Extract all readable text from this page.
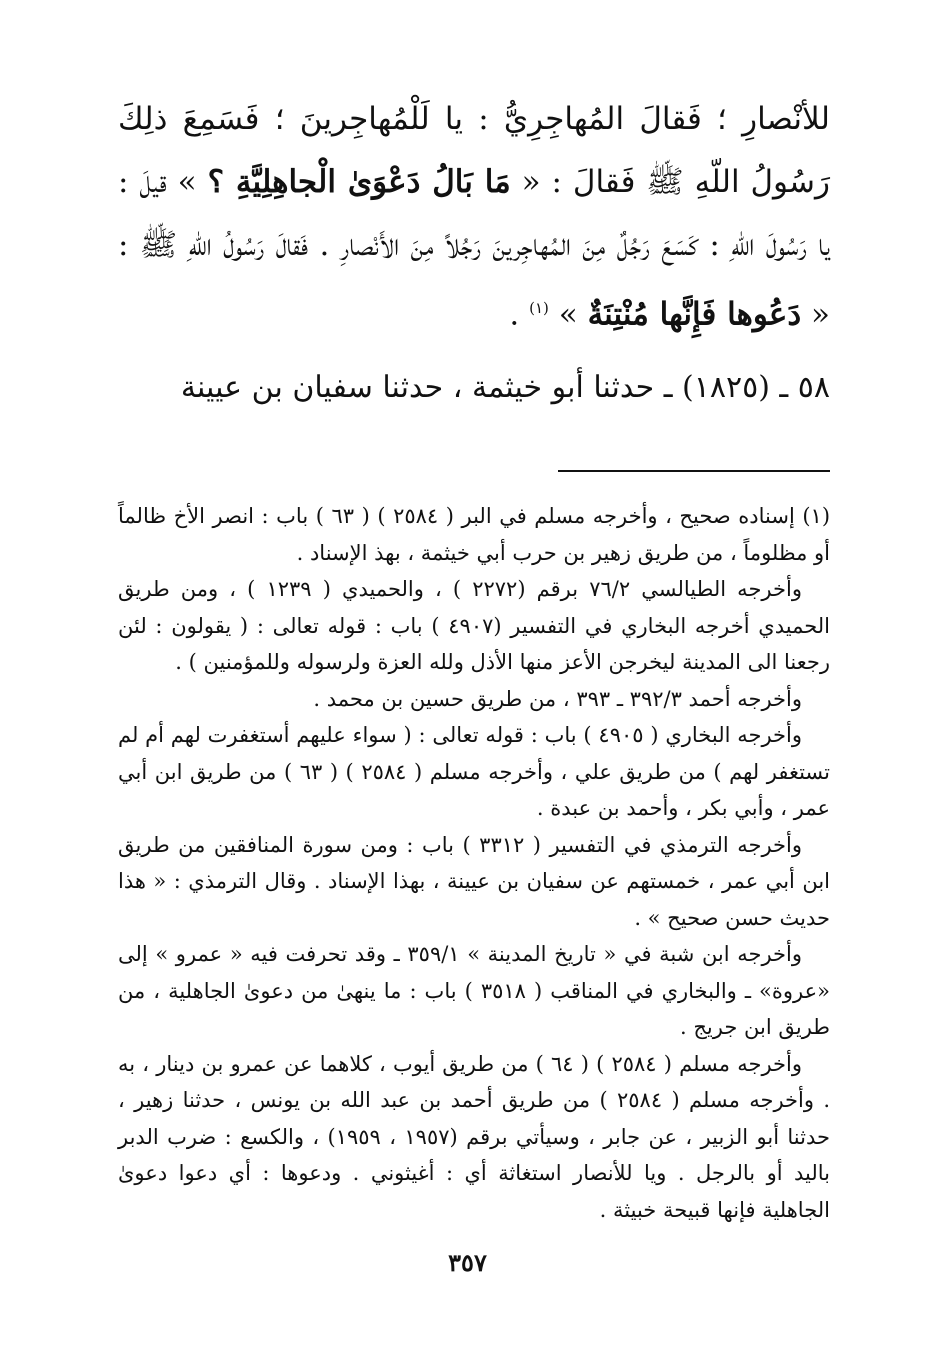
للأنْصارِ ؛ فَقالَ المُهاجِرِيُّ : يا لَلْمُهاجِرينَ ؛ فَسَمِعَ ذلِكَ رَسُولُ اللّهِ ﷺ فَقالَ : « مَا بَالُ دَعْوَىٰ الْجاهِلِيَّةِ ؟ » قيلَ : يا رَسُولَ اللّهِ : كَسَعَ رَجُلٌ مِنَ المُهاجِرينَ رَجُلاً مِنَ الأَنْصارِ . فَقالَ رَسُولُ اللّهِ ﷺ : « دَعُوها فَإِنَّها مُنْتِنَةٌ » $^{(١)}$ .

٥٨ ـ (١٨٢٥) ـ حدثنا أبو خيثمة ، حدثنا سفيان بن عيينة

(١) إسناده صحيح ، وأخرجه مسلم في البر ( ٢٥٨٤ ) ( ٦٣ ) باب : انصر الأخ ظالماً أو مظلوماً ، من طريق زهير بن حرب أبي خيثمة ، بهذ الإسناد .

وأخرجه الطيالسي ٧٦/٢ برقم (٢٢٧٢ ) ، والحميدي ( ١٢٣٩ ) ، ومن طريق الحميدي أخرجه البخاري في التفسير (٤٩٠٧ ) باب : قوله تعالى : ( يقولون : لئن رجعنا الى المدينة ليخرجن الأعز منها الأذل ولله العزة ولرسوله وللمؤمنين ) .

وأخرجه أحمد ٣٩٢/٣ ـ ٣٩٣ ، من طريق حسين بن محمد .

وأخرجه البخاري ( ٤٩٠٥ ) باب : قوله تعالى : ( سواء عليهم أستغفرت لهم أم لم تستغفر لهم ) من طريق علي ، وأخرجه مسلم ( ٢٥٨٤ ) ( ٦٣ ) من طريق ابن أبي عمر ، وأبي بكر ، وأحمد بن عبدة .

وأخرجه الترمذي في التفسير ( ٣٣١٢ ) باب : ومن سورة المنافقين من طريق ابن أبي عمر ، خمستهم عن سفيان بن عيينة ، بهذا الإسناد . وقال الترمذي : « هذا حديث حسن صحيح » .

وأخرجه ابن شبة في « تاريخ المدينة » ٣٥٩/١ ـ وقد تحرفت فيه « عمرو » إلى «عروة» ـ والبخاري في المناقب ( ٣٥١٨ ) باب : ما ينهىٰ من دعوىٰ الجاهلية ، من طريق ابن جريج .

وأخرجه مسلم ( ٢٥٨٤ ) ( ٦٤ ) من طريق أيوب ، كلاهما عن عمرو بن دينار ، به . وأخرجه مسلم ( ٢٥٨٤ ) من طريق أحمد بن عبد الله بن يونس ، حدثنا زهير ، حدثنا أبو الزبير ، عن جابر ، وسيأتي برقم (١٩٥٧ ، ١٩٥٩) ، والكسع : ضرب الدبر باليد أو بالرجل . ويا للأنصار استغاثة أي : أغيثوني . ودعوها : أي دعوا دعوىٰ الجاهلية فإنها قبيحة خبيثة .

٣٥٧
